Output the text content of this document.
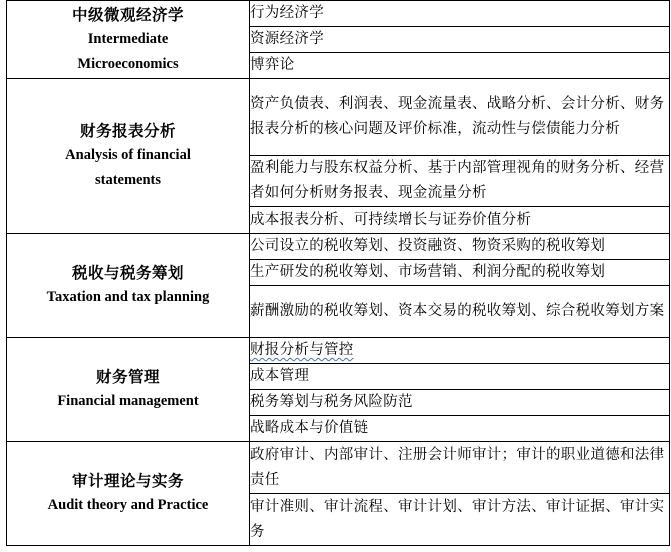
中级微观经济学
Intermediate
Microeconomics	行为经济学
	资源经济学
	博弈论

财务报表分析
Analysis of financial
statements	资产负债表、利润表、现金流量表、战略分析、会计分析、财务报表分析的核心问题及评价标准，流动性与偿债能力分析
	盈利能力与股东权益分析、基于内部管理视角的财务分析、经营者如何分析财务报表、现金流量分析
	成本报表分析、可持续增长与证券价值分析

税收与税务筹划
Taxation and tax planning	公司设立的税收筹划、投资融资、物资采购的税收筹划
	生产研发的税收筹划、市场营销、利润分配的税收筹划
	薪酬激励的税收筹划、资本交易的税收筹划、综合税收筹划方案

财务管理
Financial management	财报分析与管控
	成本管理
	税务筹划与税务风险防范
	战略成本与价值链

审计理论与实务
Audit theory and Practice	政府审计、内部审计、注册会计师审计；审计的职业道德和法律责任
	审计准则、审计流程、审计计划、审计方法、审计证据、审计实务
